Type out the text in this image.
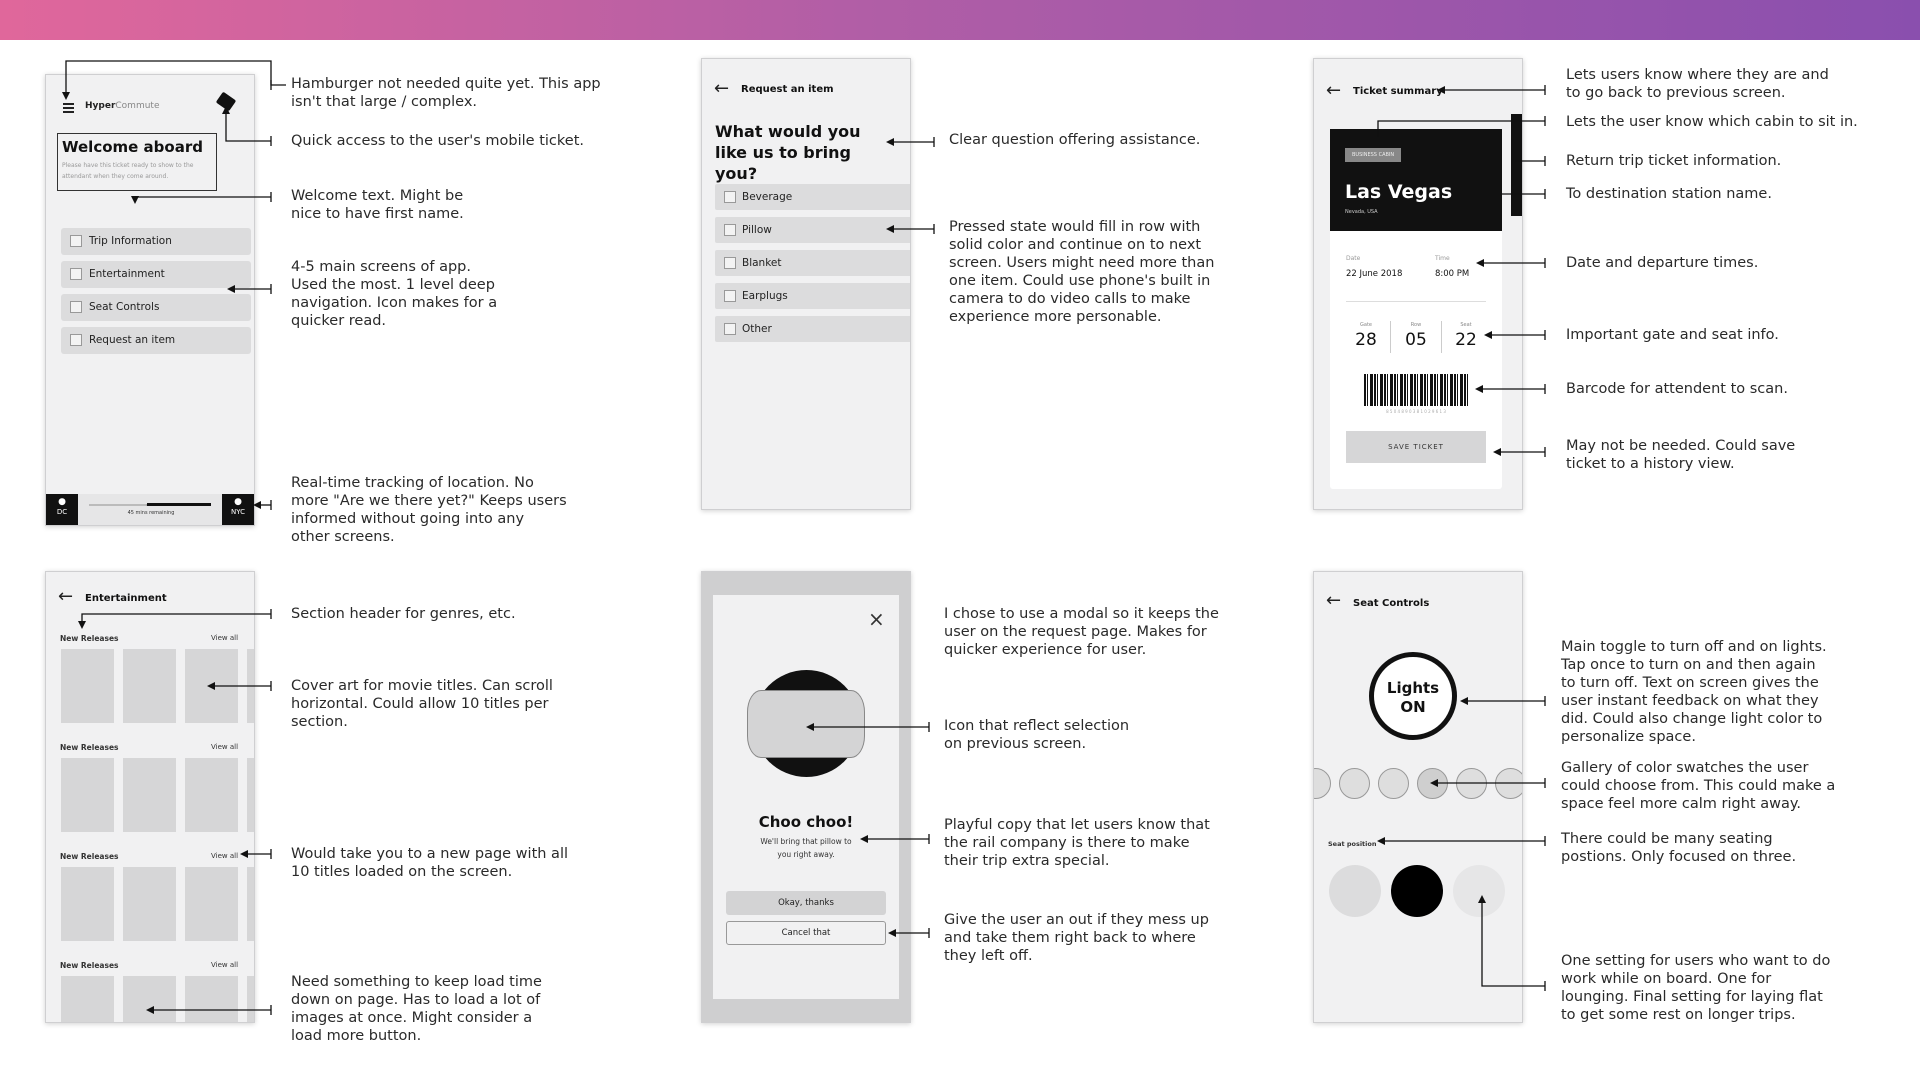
HyperCommute
Welcome aboard
Please have this ticket ready to show to the attendant when they come around.
Trip Information
Entertainment
Seat Controls
Request an item
●
DC	45 mins remaining
●
NYC
← Request an item
What would you like us to bring you?
Beverage
Pillow
Blanket
Earplugs
Other
← Ticket summary
BUSINESS CABIN
Las Vegas
Nevada, USA
Date
22 June 2018
Time
8:00 PM
Gate
28
Row
05
Seat
22
8 5 0 4 8 9 0 3 8 1 0 2 9 6 1 3
SAVE TICKET
← Entertainment
New Releases	View all
New Releases	View all
New Releases	View all
New Releases	View all
×
Choo choo!
We'll bring that pillow to you right away.
Okay, thanks
Cancel that
← Seat Controls
Lights
ON
Seat position
Hamburger not needed quite yet. This app
isn't that large / complex.
Quick access to the user's mobile ticket.
Welcome text. Might be
nice to have first name.
4-5 main screens of app.
Used the most. 1 level deep
navigation. Icon makes for a
quicker read.
Real-time tracking of location. No
more "Are we there yet?" Keeps users
informed without going into any
other screens.
Clear question offering assistance.
Pressed state would fill in row with
solid color and continue on to next
screen. Users might need more than
one item. Could use phone's built in
camera to do video calls to make
experience more personable.
Lets users know where they are and
to go back to previous screen.
Lets the user know which cabin to sit in.
Return trip ticket information.
To destination station name.
Date and departure times.
Important gate and seat info.
Barcode for attendent to scan.
May not be needed. Could save
ticket to a history view.
Section header for genres, etc.
Cover art for movie titles. Can scroll
horizontal. Could allow 10 titles per
section.
Would take you to a new page with all
10 titles loaded on the screen.
Need something to keep load time
down on page. Has to load a lot of
images at once. Might consider a
load more button.
I chose to use a modal so it keeps the
user on the request page. Makes for
quicker experience for user.
Icon that reflect selection
on previous screen.
Playful copy that let users know that
the rail company is there to make
their trip extra special.
Give the user an out if they mess up
and take them right back to where
they left off.
Main toggle to turn off and on lights.
Tap once to turn on and then again
to turn off. Text on screen gives the
user instant feedback on what they
did. Could also change light color to
personalize space.
Gallery of color swatches the user
could choose from. This could make a
space feel more calm right away.
There could be many seating
postions. Only focused on three.
One setting for users who want to do
work while on board. One for
lounging. Final setting for laying flat
to get some rest on longer trips.
